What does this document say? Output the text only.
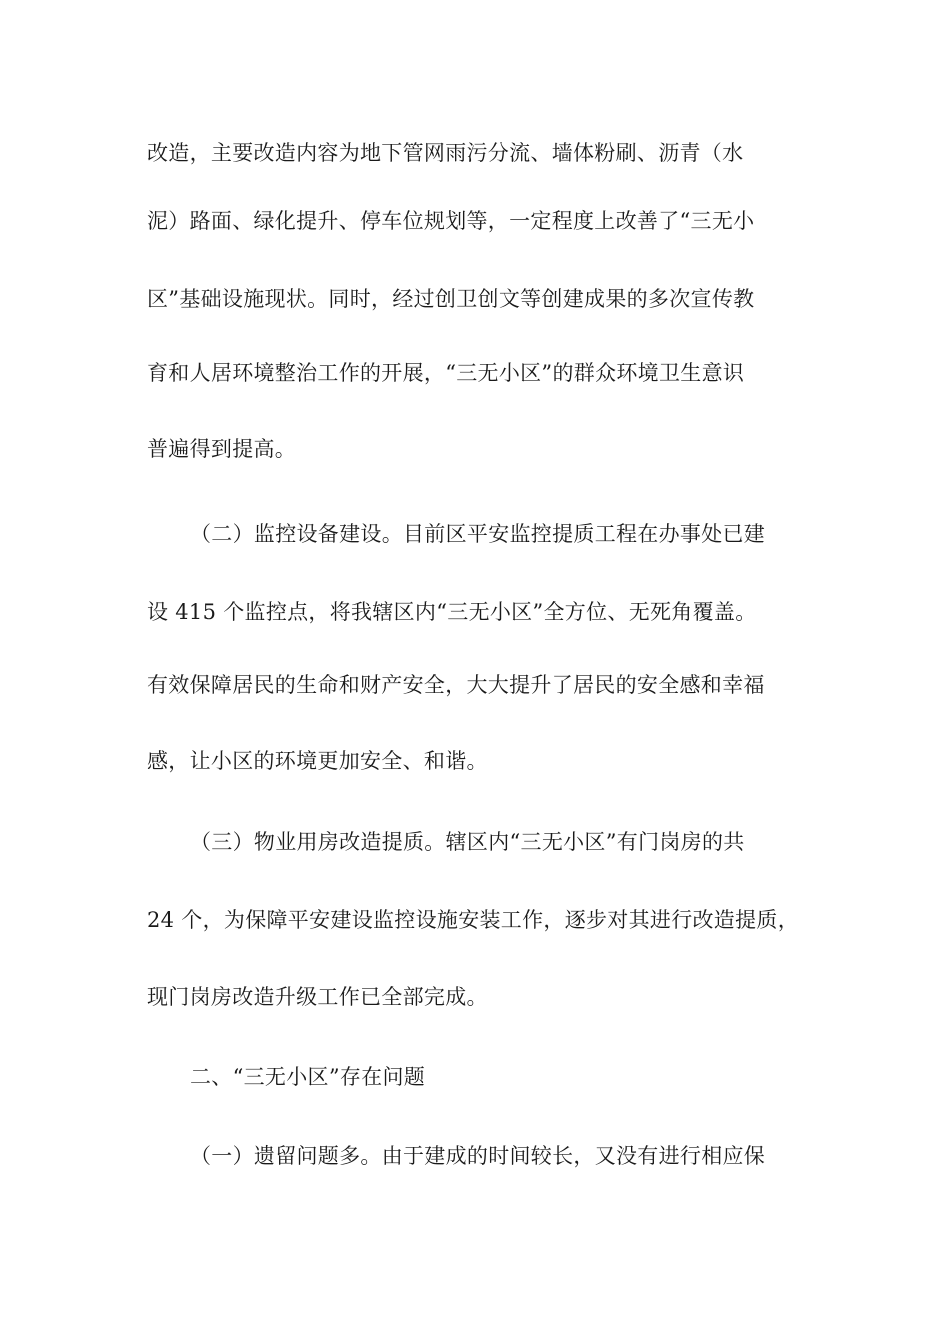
改造，主要改造内容为地下管网雨污分流、墙体粉刷、沥青（水
泥）路面、绿化提升、停车位规划等，一定程度上改善了“三无小
区”基础设施现状。同时，经过创卫创文等创建成果的多次宣传教
育和人居环境整治工作的开展，“三无小区”的群众环境卫生意识
普遍得到提高。
（二）监控设备建设。目前区平安监控提质工程在办事处已建
设 415 个监控点，将我辖区内“三无小区”全方位、无死角覆盖。
有效保障居民的生命和财产安全，大大提升了居民的安全感和幸福
感，让小区的环境更加安全、和谐。
（三）物业用房改造提质。辖区内“三无小区”有门岗房的共
24 个，为保障平安建设监控设施安装工作，逐步对其进行改造提质，
现门岗房改造升级工作已全部完成。
二、“三无小区”存在问题
（一）遗留问题多。由于建成的时间较长，又没有进行相应保
